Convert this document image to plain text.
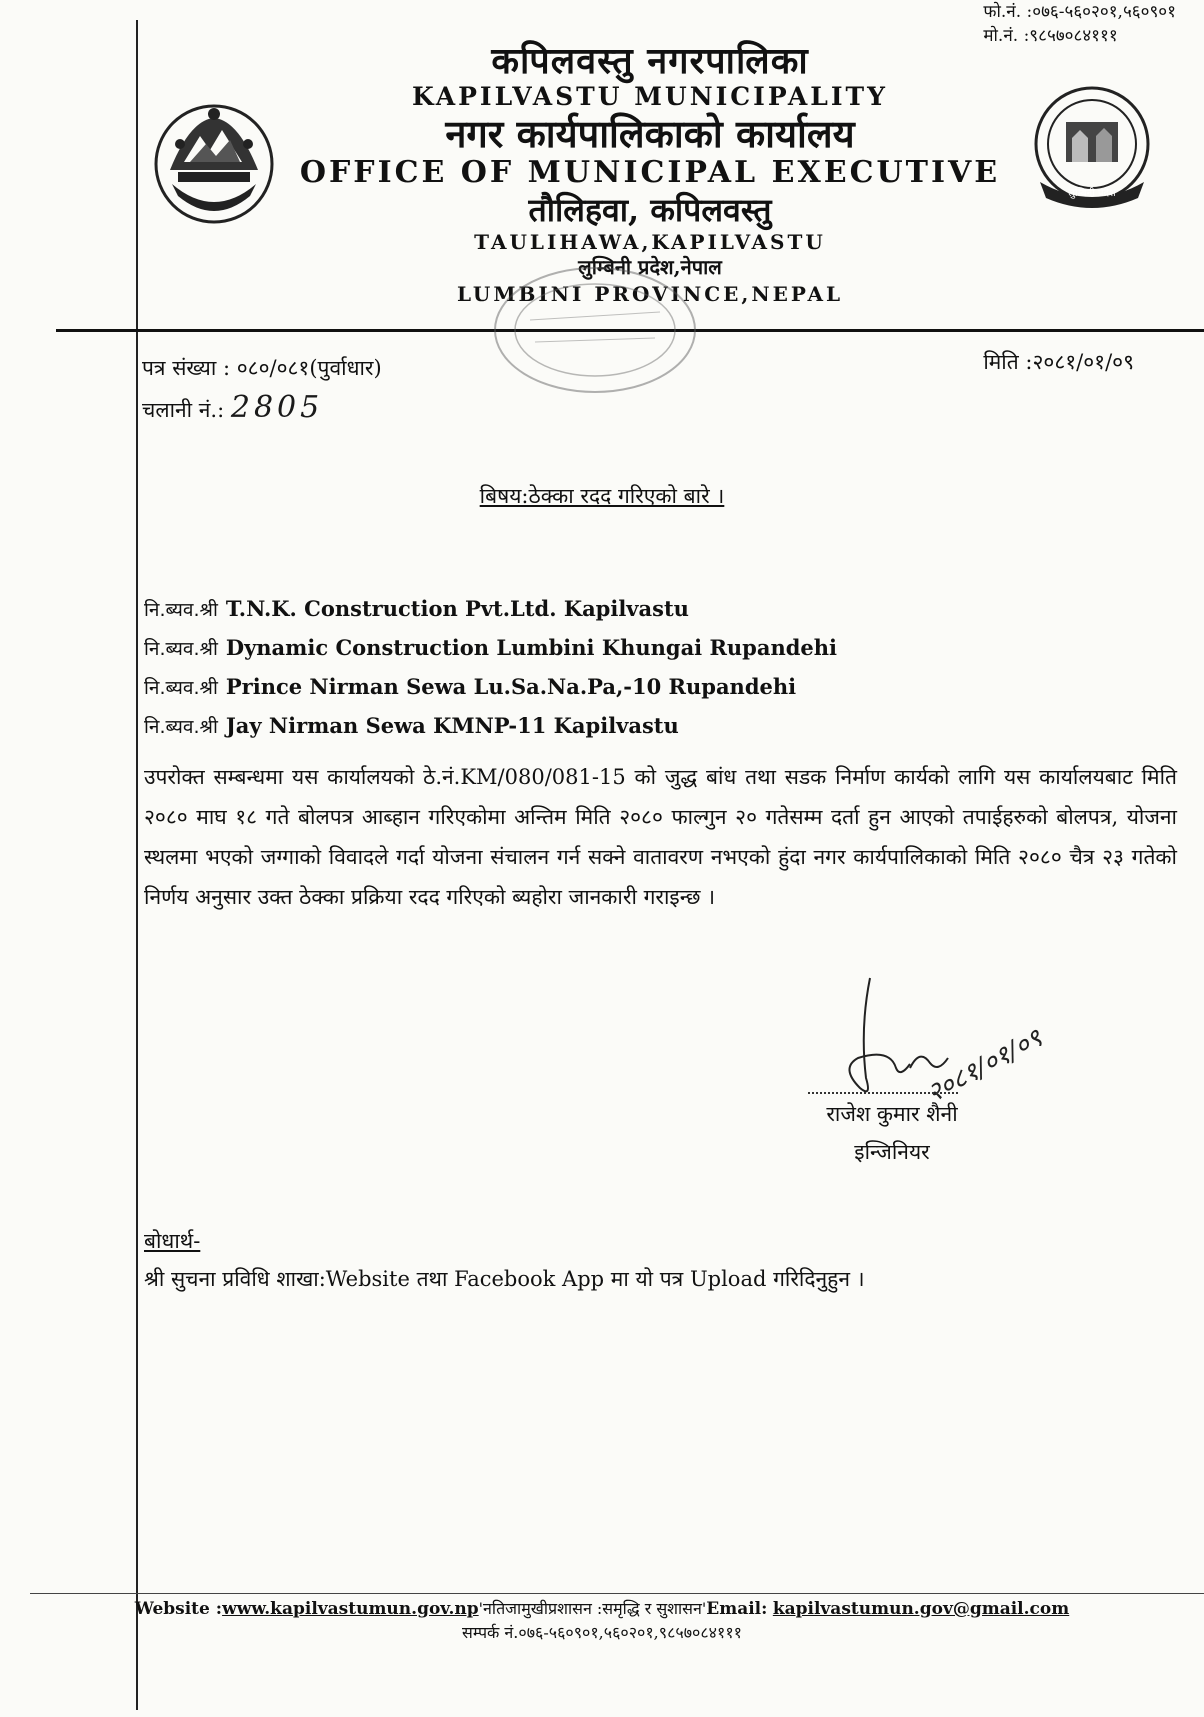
फो.नं. :०७६-५६०२०१,५६०९०१
मो.नं. :९८५७०८४१११
लुम्बिनी प्रदेश
कपिलवस्तु नगरपालिका
KAPILVASTU MUNICIPALITY
नगर कार्यपालिकाको कार्यालय
OFFICE OF MUNICIPAL EXECUTIVE
तौलिहवा, कपिलवस्तु
TAULIHAWA,KAPILVASTU
लुम्बिनी प्रदेश,नेपाल
LUMBINI PROVINCE,NEPAL
पत्र संख्या : ०८०/०८१(पुर्वाधार)
चलानी नं.: 2805
मिति :२०८१/०१/०९
बिषय:ठेक्का रदद गरिएको बारे ।
नि.ब्यव.श्री T.N.K. Construction Pvt.Ltd. Kapilvastu
नि.ब्यव.श्री Dynamic Construction Lumbini Khungai Rupandehi
नि.ब्यव.श्री Prince Nirman Sewa Lu.Sa.Na.Pa,-10 Rupandehi
नि.ब्यव.श्री Jay Nirman Sewa KMNP-11 Kapilvastu
उपरोक्त सम्बन्धमा यस कार्यालयको ठे.नं.KM/080/081-15 को जुद्ध बांध तथा सडक निर्माण कार्यको लागि यस कार्यालयबाट मिति २०८० माघ १८ गते बोलपत्र आब्हान गरिएकोमा अन्तिम मिति २०८० फाल्गुन २० गतेसम्म दर्ता हुन आएको तपाईहरुको बोलपत्र, योजना स्थलमा भएको जग्गाको विवादले गर्दा योजना संचालन गर्न सक्ने वातावरण नभएको हुंदा नगर कार्यपालिकाको मिति २०८० चैत्र २३ गतेको निर्णय अनुसार उक्त ठेक्का प्रक्रिया रदद गरिएको ब्यहोरा जानकारी गराइन्छ ।
२०८१/०१/०९
राजेश कुमार शैनी
इन्जिनियर
बोधार्थ-
श्री सुचना प्रविधि शाखा:Website तथा Facebook App मा यो पत्र Upload गरिदिनुहुन ।
Website :www.kapilvastumun.gov.np'नतिजामुखीप्रशासन :समृद्धि र सुशासन'Email: kapilvastumun.gov@gmail.com
सम्पर्क नं.०७६-५६०९०१,५६०२०१,९८५७०८४१११
